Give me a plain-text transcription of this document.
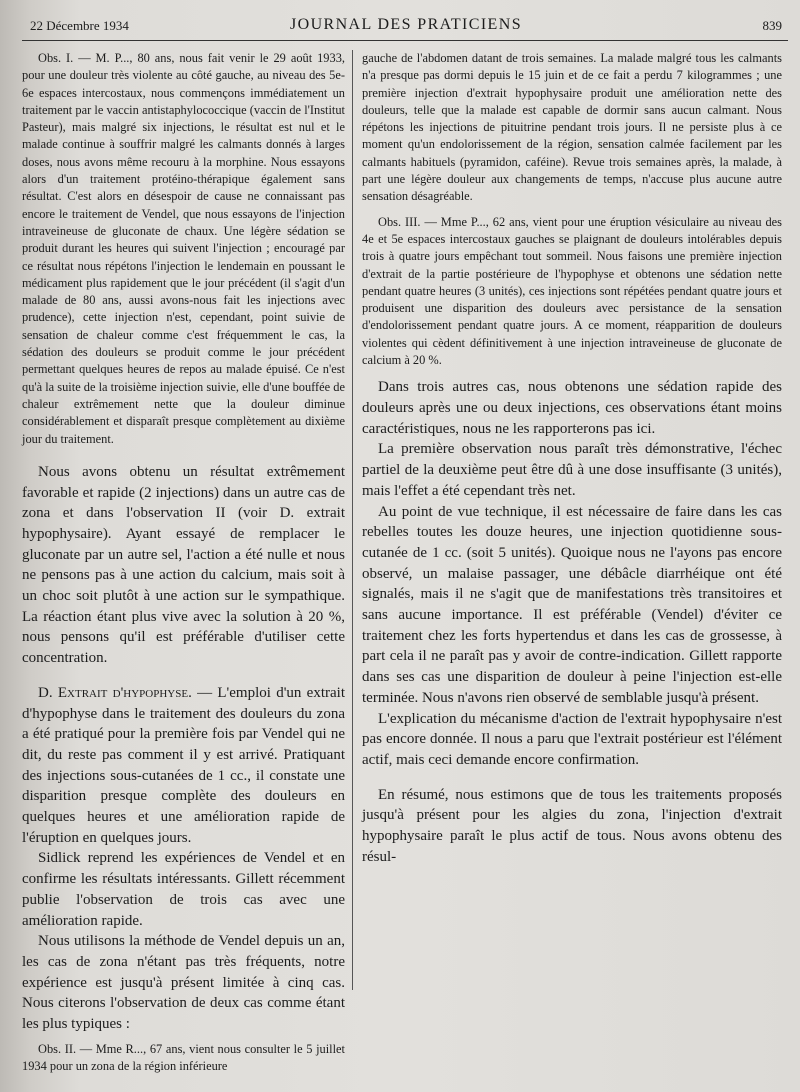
22 Décembre 1934	JOURNAL DES PRATICIENS	839

Obs. I. — M. P..., 80 ans, nous fait venir le 29 août 1933, pour une douleur très violente au côté gauche, au niveau des 5e-6e espaces intercostaux, nous commençons immédiatement un traitement par le vaccin antistaphylococcique (vaccin de l'Institut Pasteur), mais malgré six injections, le résultat est nul et le malade continue à souffrir malgré les calmants donnés à larges doses, nous avons même recouru à la morphine. Nous essayons alors d'un traitement protéino-thérapique également sans résultat. C'est alors en désespoir de cause ne connaissant pas encore le traitement de Vendel, que nous essayons de l'injection intraveineuse de gluconate de chaux. Une légère sédation se produit durant les heures qui suivent l'injection ; encouragé par ce résultat nous répétons l'injection le lendemain en poussant le médicament plus rapidement que le jour précédent (il s'agit d'un malade de 80 ans, aussi avons-nous fait les injections avec prudence), cette injection n'est, cependant, point suivie de sensation de chaleur comme c'est fréquemment le cas, la sédation des douleurs se produit comme le jour précédent permettant quelques heures de repos au malade épuisé. Ce n'est qu'à la suite de la troisième injection suivie, elle d'une bouffée de chaleur extrêmement nette que la douleur diminue considérablement et disparaît presque complètement au dixième jour du traitement.

Nous avons obtenu un résultat extrêmement favorable et rapide (2 injections) dans un autre cas de zona et dans l'observation II (voir D. extrait hypophysaire). Ayant essayé de remplacer le gluconate par un autre sel, l'action a été nulle et nous ne pensons pas à une action du calcium, mais soit à un choc soit plutôt à une action sur le sympathique. La réaction étant plus vive avec la solution à 20 %, nous pensons qu'il est préférable d'utiliser cette concentration.

D. Extrait d'hypophyse. — L'emploi d'un extrait d'hypophyse dans le traitement des douleurs du zona a été pratiqué pour la première fois par Vendel qui ne dit, du reste pas comment il y est arrivé. Pratiquant des injections sous-cutanées de 1 cc., il constate une disparition presque complète des douleurs en quelques heures et une amélioration rapide de l'éruption en quelques jours.

Sidlick reprend les expériences de Vendel et en confirme les résultats intéressants. Gillett récemment publie l'observation de trois cas avec une amélioration rapide.

Nous utilisons la méthode de Vendel depuis un an, les cas de zona n'étant pas très fréquents, notre expérience est jusqu'à présent limitée à cinq cas. Nous citerons l'observation de deux cas comme étant les plus typiques :

Obs. II. — Mme R..., 67 ans, vient nous consulter le 5 juillet 1934 pour un zona de la région inférieure

gauche de l'abdomen datant de trois semaines. La malade malgré tous les calmants n'a presque pas dormi depuis le 15 juin et de ce fait a perdu 7 kilogrammes ; une première injection d'extrait hypophysaire produit une amélioration nette des douleurs, telle que la malade est capable de dormir sans aucun calmant. Nous répétons les injections de pituitrine pendant trois jours. Il ne persiste plus à ce moment qu'un endolorissement de la région, sensation calmée facilement par les calmants habituels (pyramidon, caféine). Revue trois semaines après, la malade, à part une légère douleur aux changements de temps, n'accuse plus aucune autre sensation désagréable.

Obs. III. — Mme P..., 62 ans, vient pour une éruption vésiculaire au niveau des 4e et 5e espaces intercostaux gauches se plaignant de douleurs intolérables depuis trois à quatre jours empêchant tout sommeil. Nous faisons une première injection d'extrait de la partie postérieure de l'hypophyse et obtenons une sédation nette pendant quatre heures (3 unités), ces injections sont répétées pendant quatre jours et produisent une disparition des douleurs avec persistance de la sensation d'endolorissement pendant quatre jours. A ce moment, réapparition de douleurs violentes qui cèdent définitivement à une injection intraveineuse de gluconate de calcium à 20 %.

Dans trois autres cas, nous obtenons une sédation rapide des douleurs après une ou deux injections, ces observations étant moins caractéristiques, nous ne les rapporterons pas ici.

La première observation nous paraît très démonstrative, l'échec partiel de la deuxième peut être dû à une dose insuffisante (3 unités), mais l'effet a été cependant très net.

Au point de vue technique, il est nécessaire de faire dans les cas rebelles toutes les douze heures, une injection quotidienne sous-cutanée de 1 cc. (soit 5 unités). Quoique nous ne l'ayons pas encore observé, un malaise passager, une débâcle diarrhéique ont été signalés, mais il ne s'agit que de manifestations très transitoires et sans aucune importance. Il est préférable (Vendel) d'éviter ce traitement chez les forts hypertendus et dans les cas de grossesse, à part cela il ne paraît pas y avoir de contre-indication. Gillett rapporte dans ses cas une disparition de douleur à peine l'injection est-elle terminée. Nous n'avons rien observé de semblable jusqu'à présent.

L'explication du mécanisme d'action de l'extrait hypophysaire n'est pas encore donnée. Il nous a paru que l'extrait postérieur est l'élément actif, mais ceci demande encore confirmation.

En résumé, nous estimons que de tous les traitements proposés jusqu'à présent pour les algies du zona, l'injection d'extrait hypophysaire paraît le plus actif de tous. Nous avons obtenu des résul-
